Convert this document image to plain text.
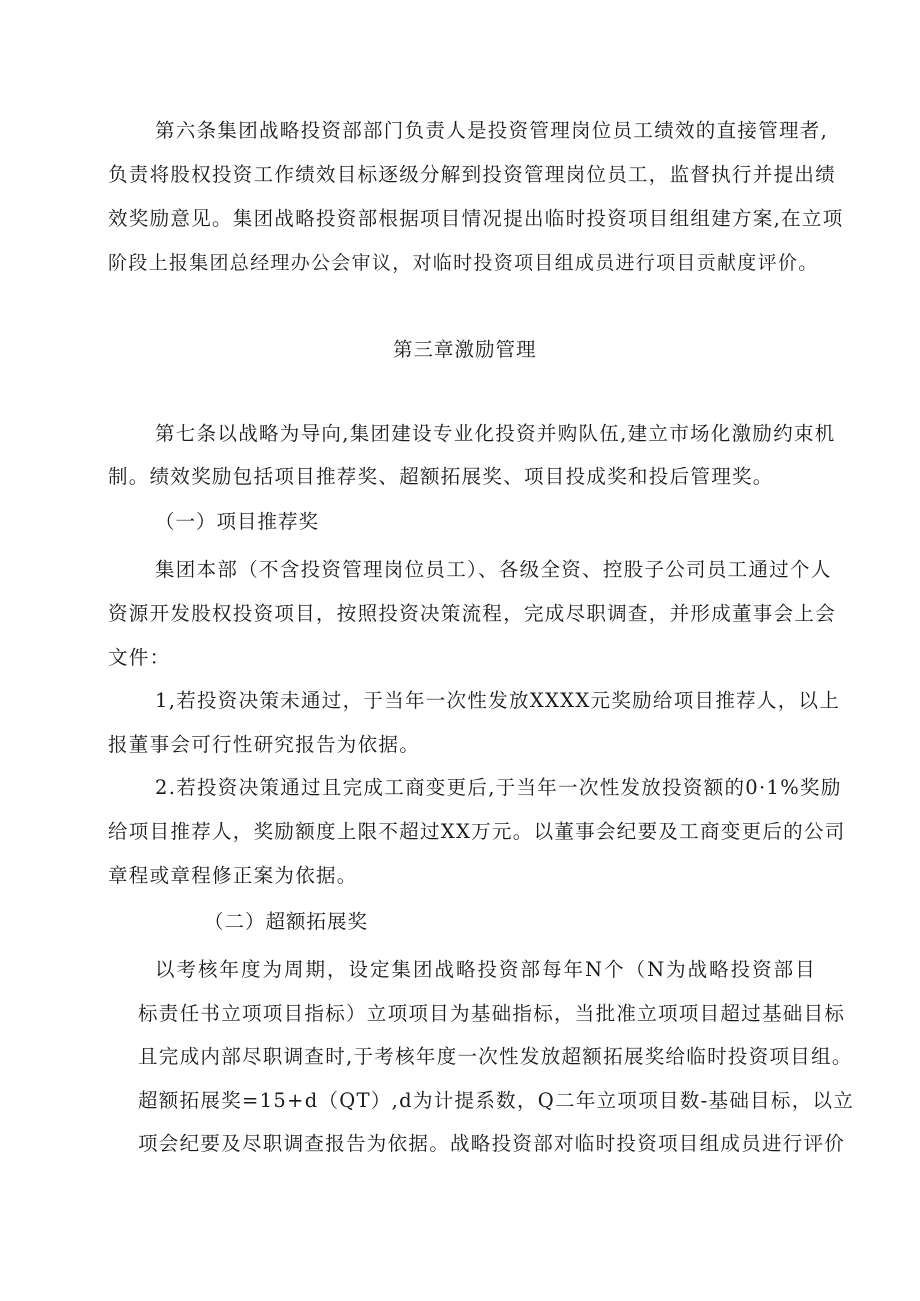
第六条集团战略投资部部门负责人是投资管理岗位员工绩效的直接管理者,
负责将股权投资工作绩效目标逐级分解到投资管理岗位员工，监督执行并提出绩
效奖励意见。集团战略投资部根据项目情况提出临时投资项目组组建方案,在立项
阶段上报集团总经理办公会审议，对临时投资项目组成员进行项目贡献度评价。
第三章激励管理
第七条以战略为导向,集团建设专业化投资并购队伍,建立市场化激励约束机
制。绩效奖励包括项目推荐奖、超额拓展奖、项目投成奖和投后管理奖。
（一）项目推荐奖
集团本部（不含投资管理岗位员工）、各级全资、控股子公司员工通过个人
资源开发股权投资项目，按照投资决策流程，完成尽职调查，并形成董事会上会
文件：
1,若投资决策未通过，于当年一次性发放XXXX元奖励给项目推荐人，以上
报董事会可行性研究报告为依据。
2.若投资决策通过且完成工商变更后,于当年一次性发放投资额的0·1%奖励
给项目推荐人，奖励额度上限不超过XX万元。以董事会纪要及工商变更后的公司
章程或章程修正案为依据。
（二）超额拓展奖
以考核年度为周期，设定集团战略投资部每年N个（N为战略投资部目
标责任书立项项目指标）立项项目为基础指标，当批准立项项目超过基础目标
且完成内部尽职调查时,于考核年度一次性发放超额拓展奖给临时投资项目组。
超额拓展奖=15+d（QT）,d为计提系数，Q二年立项项目数-基础目标，以立
项会纪要及尽职调查报告为依据。战略投资部对临时投资项目组成员进行评价
